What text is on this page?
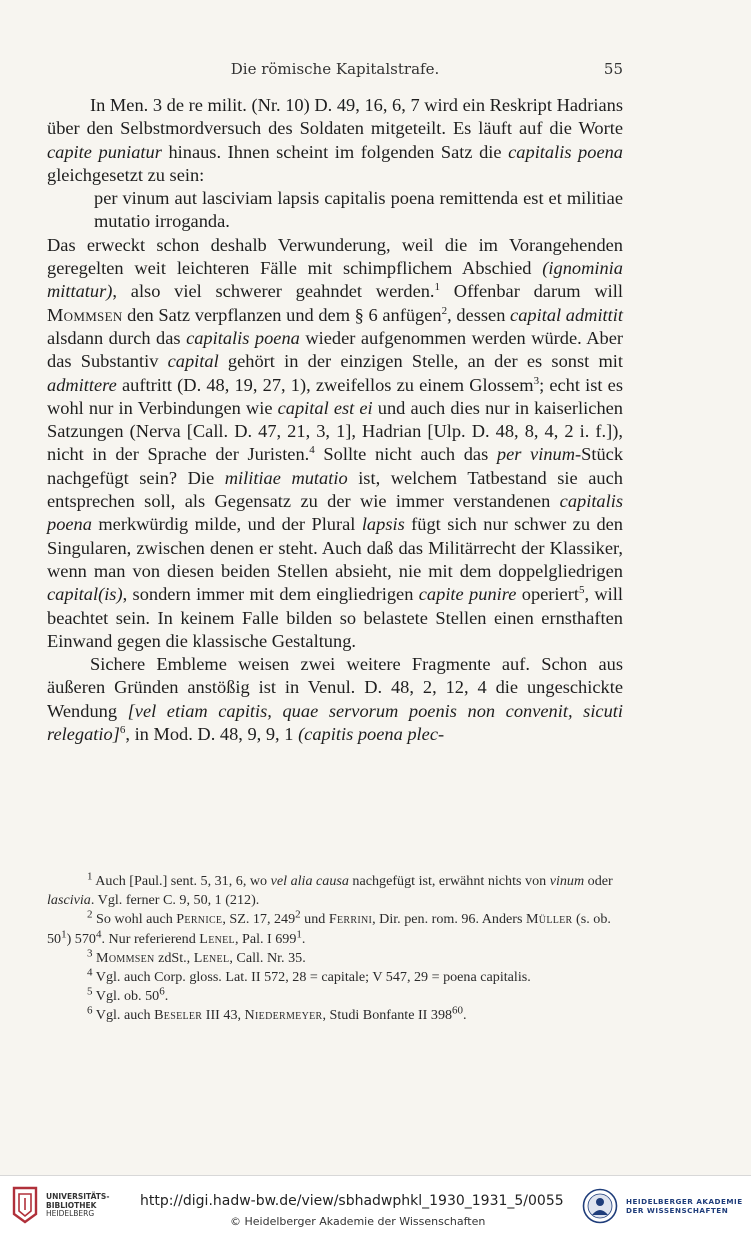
Die römische Kapitalstrafe.	55

In Men. 3 de re milit. (Nr. 10) D. 49, 16, 6, 7 wird ein Reskript Hadrians über den Selbstmordversuch des Soldaten mitgeteilt. Es läuft auf die Worte capite puniatur hinaus. Ihnen scheint im folgenden Satz die capitalis poena gleichgesetzt zu sein:

per vinum aut lasciviam lapsis capitalis poena remittenda est et militiae mutatio irroganda.

Das erweckt schon deshalb Verwunderung, weil die im Vorangehenden geregelten weit leichteren Fälle mit schimpflichem Abschied (ignominia mittatur), also viel schwerer geahndet werden.$^1$ Offenbar darum will Mommsen den Satz verpflanzen und dem § 6 anfügen$^2$, dessen capital admittit alsdann durch das capitalis poena wieder aufgenommen werden würde. Aber das Substantiv capital gehört in der einzigen Stelle, an der es sonst mit admittere auftritt (D. 48, 19, 27, 1), zweifellos zu einem Glossem$^3$; echt ist es wohl nur in Verbindungen wie capital est ei und auch dies nur in kaiserlichen Satzungen (Nerva [Call. D. 47, 21, 3, 1], Hadrian [Ulp. D. 48, 8, 4, 2 i. f.]), nicht in der Sprache der Juristen.$^4$ Sollte nicht auch das per vinum-Stück nachgefügt sein? Die militiae mutatio ist, welchem Tatbestand sie auch entsprechen soll, als Gegensatz zu der wie immer verstandenen capitalis poena merkwürdig milde, und der Plural lapsis fügt sich nur schwer zu den Singularen, zwischen denen er steht. Auch daß das Militärrecht der Klassiker, wenn man von diesen beiden Stellen absieht, nie mit dem doppelgliedrigen capital(is), sondern immer mit dem eingliedrigen capite punire operiert$^5$, will beachtet sein. In keinem Falle bilden so belastete Stellen einen ernsthaften Einwand gegen die klassische Gestaltung.

Sichere Embleme weisen zwei weitere Fragmente auf. Schon aus äußeren Gründen anstößig ist in Venul. D. 48, 2, 12, 4 die ungeschickte Wendung [vel etiam capitis, quae servorum poenis non convenit, sicuti relegatio]$^6$, in Mod. D. 48, 9, 9, 1 (capitis poena plec-

$^1$ Auch [Paul.] sent. 5, 31, 6, wo vel alia causa nachgefügt ist, erwähnt nichts von vinum oder lascivia. Vgl. ferner C. 9, 50, 1 (212).

$^2$ So wohl auch Pernice, SZ. 17, $249^2$ und Ferrini, Dir. pen. rom. 96. Anders Müller (s. ob. $50^1$) $570^4$. Nur referierend Lenel, Pal. I $699^1$.

$^3$ Mommsen zdSt., Lenel, Call. Nr. 35.

$^4$ Vgl. auch Corp. gloss. Lat. II 572, 28 = capitale; V 547, 29 = poena capitalis.

$^5$ Vgl. ob. $50^6$.

$^6$ Vgl. auch Beseler III 43, Niedermeyer, Studi Bonfante II $398^{60}$.

UNIVERSITÄTS-
BIBLIOTHEK
HEIDELBERG
http://digi.hadw-bw.de/view/sbhadwphkl_1930_1931_5/0055
© Heidelberger Akademie der Wissenschaften
HEIDELBERGER AKADEMIE
DER WISSENSCHAFTEN
